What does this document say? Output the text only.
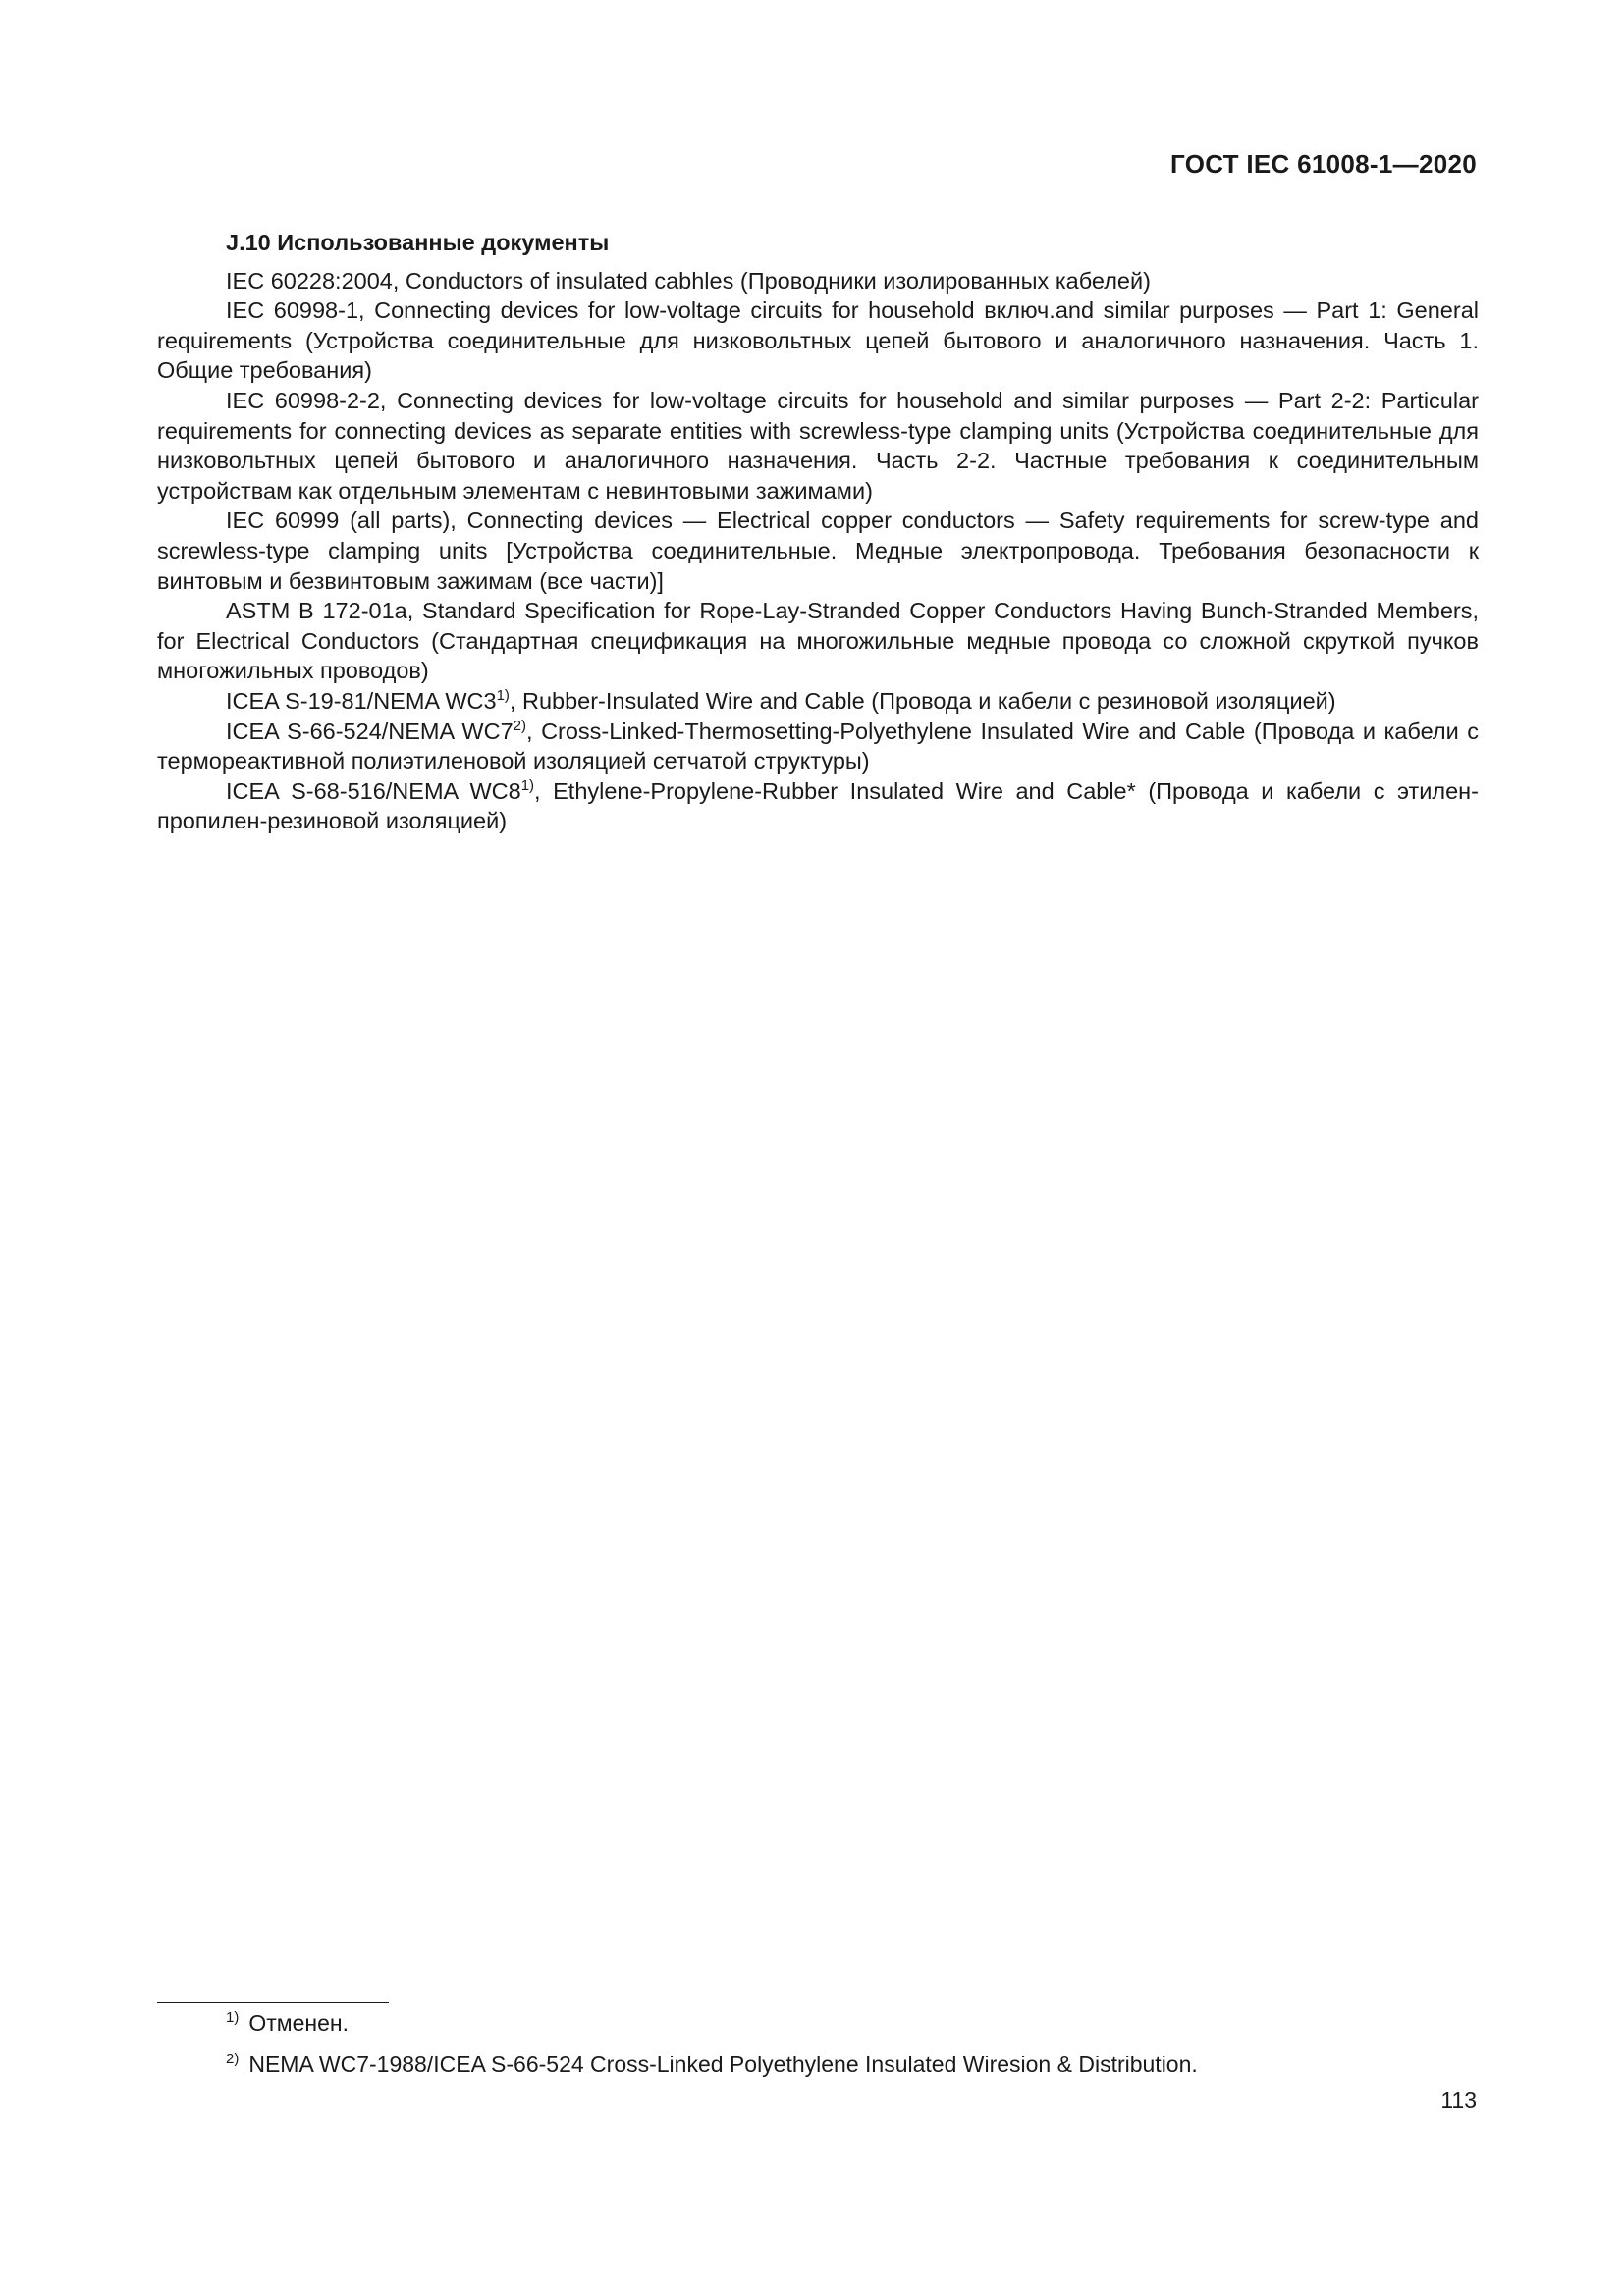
ГОСТ IEC 61008-1—2020
J.10 Использованные документы

IEC 60228:2004, Conductors of insulated cabhles (Проводники изолированных кабелей)

IEC 60998-1, Connecting devices for low-voltage circuits for household включ.and similar purposes — Part 1: General requirements (Устройства соединительные для низковольтных цепей бытового и аналогичного назначения. Часть 1. Общие требования)

IEC 60998-2-2, Connecting devices for low-voltage circuits for household and similar purposes — Part 2-2: Particular requirements for connecting devices as separate entities with screwless-type clamping units (Устройства соединительные для низковольтных цепей бытового и аналогичного назначения. Часть 2-2. Частные требования к соединительным устройствам как отдельным элементам с невинтовыми зажимами)

IEC 60999 (all parts), Connecting devices — Electrical copper conductors — Safety requirements for screw-type and screwless-type clamping units [Устройства соединительные. Медные электропровода. Требования безопасности к винтовым и безвинтовым зажимам (все части)]

ASTM B 172-01a, Standard Specification for Rope-Lay-Stranded Copper Conductors Having Bunch-Stranded Members, for Electrical Conductors (Стандартная спецификация на многожильные медные провода со сложной скруткой пучков многожильных проводов)

ICEA S-19-81/NEMA WC3$^{1)}$, Rubber-Insulated Wire and Cable (Провода и кабели с резиновой изоляцией)

ICEA S-66-524/NEMA WC7$^{2)}$, Cross-Linked-Thermosetting-Polyethylene Insulated Wire and Cable (Провода и кабели с термореактивной полиэтиленовой изоляцией сетчатой структуры)

ICEA S-68-516/NEMA WC8$^{1)}$, Ethylene-Propylene-Rubber Insulated Wire and Cable* (Провода и кабели с этиленпропилен-резиновой изоляцией)

$^{1)}$ Отменен.

$^{2)}$ NEMA WC7-1988/ICEA S-66-524 Cross-Linked Polyethylene Insulated Wiresion & Distribution.

113
